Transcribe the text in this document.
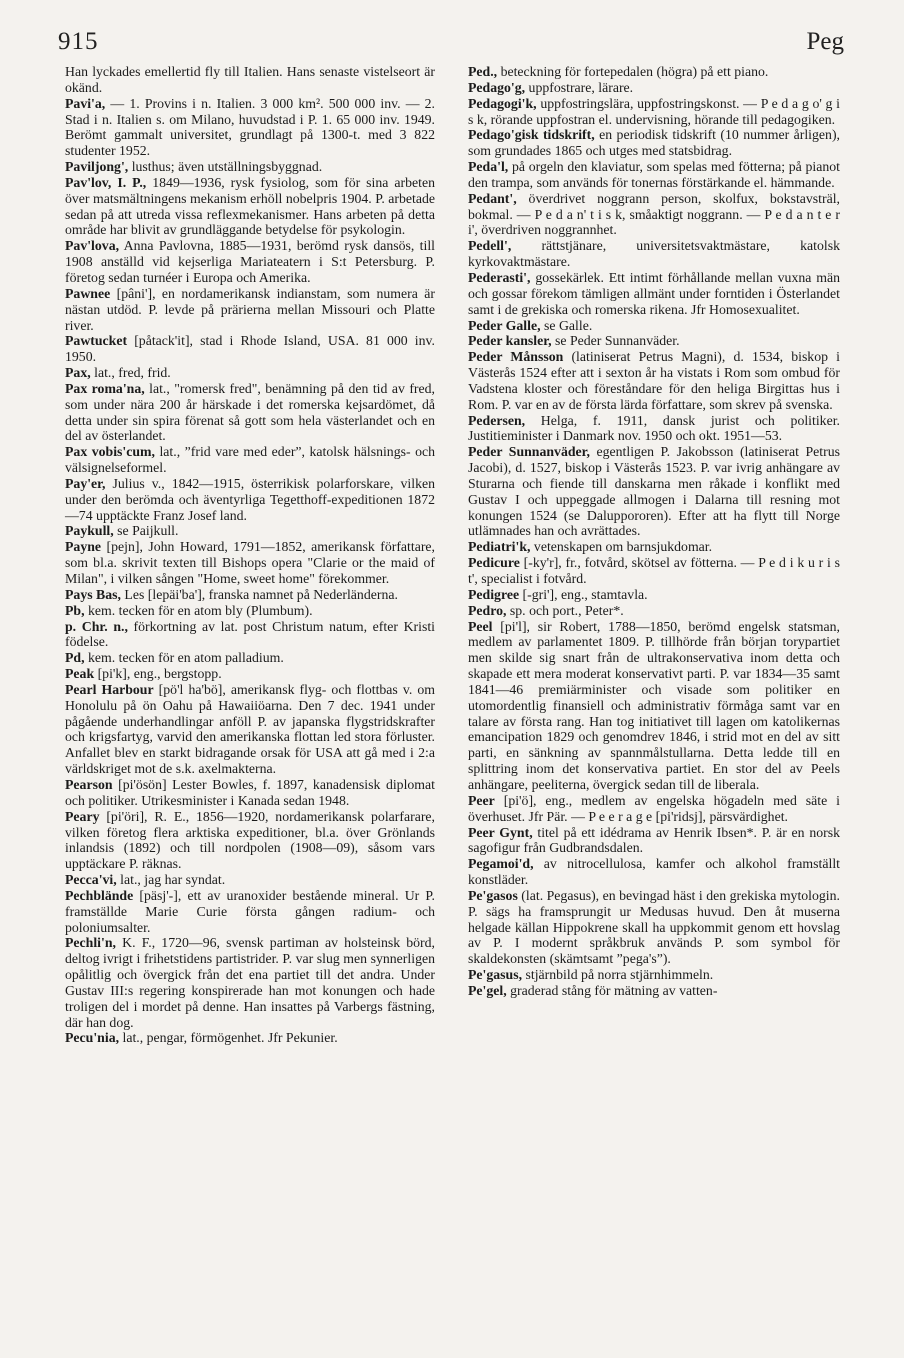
915	Peg

Han lyckades emellertid fly till Italien. Hans senaste vistelseort är okänd.

Pavi'a, — 1. Provins i n. Italien. 3 000 km². 500 000 inv. — 2. Stad i n. Italien s. om Milano, huvudstad i P. 1. 65 000 inv. 1949. Berömt gammalt universitet, grundlagt på 1300-t. med 3 822 studenter 1952.

Paviljong', lusthus; även utställningsbyggnad.

Pav'lov, I. P., 1849—1936, rysk fysiolog, som för sina arbeten över matsmältningens mekanism erhöll nobelpris 1904. P. arbetade sedan på att utreda vissa reflexmekanismer. Hans arbeten på detta område har blivit av grundläggande betydelse för psykologin.

Pav'lova, Anna Pavlovna, 1885—1931, berömd rysk dansös, till 1908 anställd vid kejserliga Mariateatern i S:t Petersburg. P. företog sedan turnéer i Europa och Amerika.

Pawnee [pâni'], en nordamerikansk indianstam, som numera är nästan utdöd. P. levde på prärierna mellan Missouri och Platte river.

Pawtucket [påtack'it], stad i Rhode Island, USA. 81 000 inv. 1950.

Pax, lat., fred, frid.

Pax roma'na, lat., "romersk fred", benämning på den tid av fred, som under nära 200 år härskade i det romerska kejsardömet, då detta under sin spira förenat så gott som hela västerlandet och en del av österlandet.

Pax vobis'cum, lat., ”frid vare med eder”, katolsk hälsnings- och välsignelseformel.

Pay'er, Julius v., 1842—1915, österrikisk polarforskare, vilken under den berömda och äventyrliga Tegetthoff-expeditionen 1872—74 upptäckte Franz Josef land.

Paykull, se Paijkull.

Payne [pejn], John Howard, 1791—1852, amerikansk författare, som bl.a. skrivit texten till Bishops opera "Clarie or the maid of Milan", i vilken sången "Home, sweet home" förekommer.

Pays Bas, Les [lepäi'ba'], franska namnet på Nederländerna.

Pb, kem. tecken för en atom bly (Plumbum).

p. Chr. n., förkortning av lat. post Christum natum, efter Kristi födelse.

Pd, kem. tecken för en atom palladium.

Peak [pi'k], eng., bergstopp.

Pearl Harbour [pö'l ha'bö], amerikansk flyg- och flottbas v. om Honolulu på ön Oahu på Hawaiiöarna. Den 7 dec. 1941 under pågående underhandlingar anföll P. av japanska flygstridskrafter och krigsfartyg, varvid den amerikanska flottan led stora förluster. Anfallet blev en starkt bidragande orsak för USA att gå med i 2:a världskriget mot de s.k. axelmakterna.

Pearson [pi'ösön] Lester Bowles, f. 1897, kanadensisk diplomat och politiker. Utrikesminister i Kanada sedan 1948.

Peary [pi'öri], R. E., 1856—1920, nordamerikansk polarfarare, vilken företog flera arktiska expeditioner, bl.a. över Grönlands inlandsis (1892) och till nordpolen (1908—09), såsom vars upptäckare P. räknas.

Pecca'vi, lat., jag har syndat.

Pechblände [päsj'-], ett av uranoxider bestående mineral. Ur P. framställde Marie Curie första gången radium- och poloniumsalter.

Pechli'n, K. F., 1720—96, svensk partiman av holsteinsk börd, deltog ivrigt i frihetstidens partistrider. P. var slug men synnerligen opålitlig och övergick från det ena partiet till det andra. Under Gustav III:s regering konspirerade han mot konungen och hade troligen del i mordet på denne. Han insattes på Varbergs fästning, där han dog.

Pecu'nia, lat., pengar, förmögenhet. Jfr Pekunier.

Ped., beteckning för fortepedalen (högra) på ett piano.

Pedago'g, uppfostrare, lärare.

Pedagogi'k, uppfostringslära, uppfostringskonst. — P e d a g o' g i s k, rörande uppfostran el. undervisning, hörande till pedagogiken.

Pedago'gisk tidskrift, en periodisk tidskrift (10 nummer årligen), som grundades 1865 och utges med statsbidrag.

Peda'l, på orgeln den klaviatur, som spelas med fötterna; på pianot den trampa, som används för tonernas förstärkande el. hämmande.

Pedant', överdrivet noggrann person, skolfux, bokstavsträl, bokmal. — P e d a n' t i s k, småaktigt noggrann. — P e d a n t e r i', överdriven noggrannhet.

Pedell', rättstjänare, universitetsvaktmästare, katolsk kyrkovaktmästare.

Pederasti', gossekärlek. Ett intimt förhållande mellan vuxna män och gossar förekom tämligen allmänt under forntiden i Österlandet samt i de grekiska och romerska rikena. Jfr Homosexualitet.

Peder Galle, se Galle.

Peder kansler, se Peder Sunnanväder.

Peder Månsson (latiniserat Petrus Magni), d. 1534, biskop i Västerås 1524 efter att i sexton år ha vistats i Rom som ombud för Vadstena kloster och föreståndare för den heliga Birgittas hus i Rom. P. var en av de första lärda författare, som skrev på svenska.

Pedersen, Helga, f. 1911, dansk jurist och politiker. Justitieminister i Danmark nov. 1950 och okt. 1951—53.

Peder Sunnanväder, egentligen P. Jakobsson (latiniserat Petrus Jacobi), d. 1527, biskop i Västerås 1523. P. var ivrig anhängare av Sturarna och fiende till danskarna men råkade i konflikt med Gustav I och uppeggade allmogen i Dalarna till resning mot konungen 1524 (se Daluppororen). Efter att ha flytt till Norge utlämnades han och avrättades.

Pediatri'k, vetenskapen om barnsjukdomar.

Pedicure [-ky'r], fr., fotvård, skötsel av fötterna. — P e d i k u r i s t', specialist i fotvård.

Pedigree [-gri'], eng., stamtavla.

Pedro, sp. och port., Peter*.

Peel [pi'l], sir Robert, 1788—1850, berömd engelsk statsman, medlem av parlamentet 1809. P. tillhörde från början torypartiet men skilde sig snart från de ultrakonservativa inom detta och skapade ett mera moderat konservativt parti. P. var 1834—35 samt 1841—46 premiärminister och visade som politiker en utomordentlig finansiell och administrativ förmåga samt var en talare av första rang. Han tog initiativet till lagen om katolikernas emancipation 1829 och genomdrev 1846, i strid mot en del av sitt parti, en sänkning av spannmålstullarna. Detta ledde till en splittring inom det konservativa partiet. En stor del av Peels anhängare, peeliterna, övergick sedan till de liberala.

Peer [pi'ö], eng., medlem av engelska högadeln med säte i överhuset. Jfr Pär. — P e e r a g e [pi'ridsj], pärsvärdighet.

Peer Gynt, titel på ett idédrama av Henrik Ibsen*. P. är en norsk sagofigur från Gudbrandsdalen.

Pegamoi'd, av nitrocellulosa, kamfer och alkohol framställt konstläder.

Pe'gasos (lat. Pegasus), en bevingad häst i den grekiska mytologin. P. sägs ha framsprungit ur Medusas huvud. Den åt muserna helgade källan Hippokrene skall ha uppkommit genom ett hovslag av P. I modernt språkbruk används P. som symbol för skaldekonsten (skämtsamt ”pega's”).

Pe'gasus, stjärnbild på norra stjärnhimmeln.

Pe'gel, graderad stång för mätning av vatten-
